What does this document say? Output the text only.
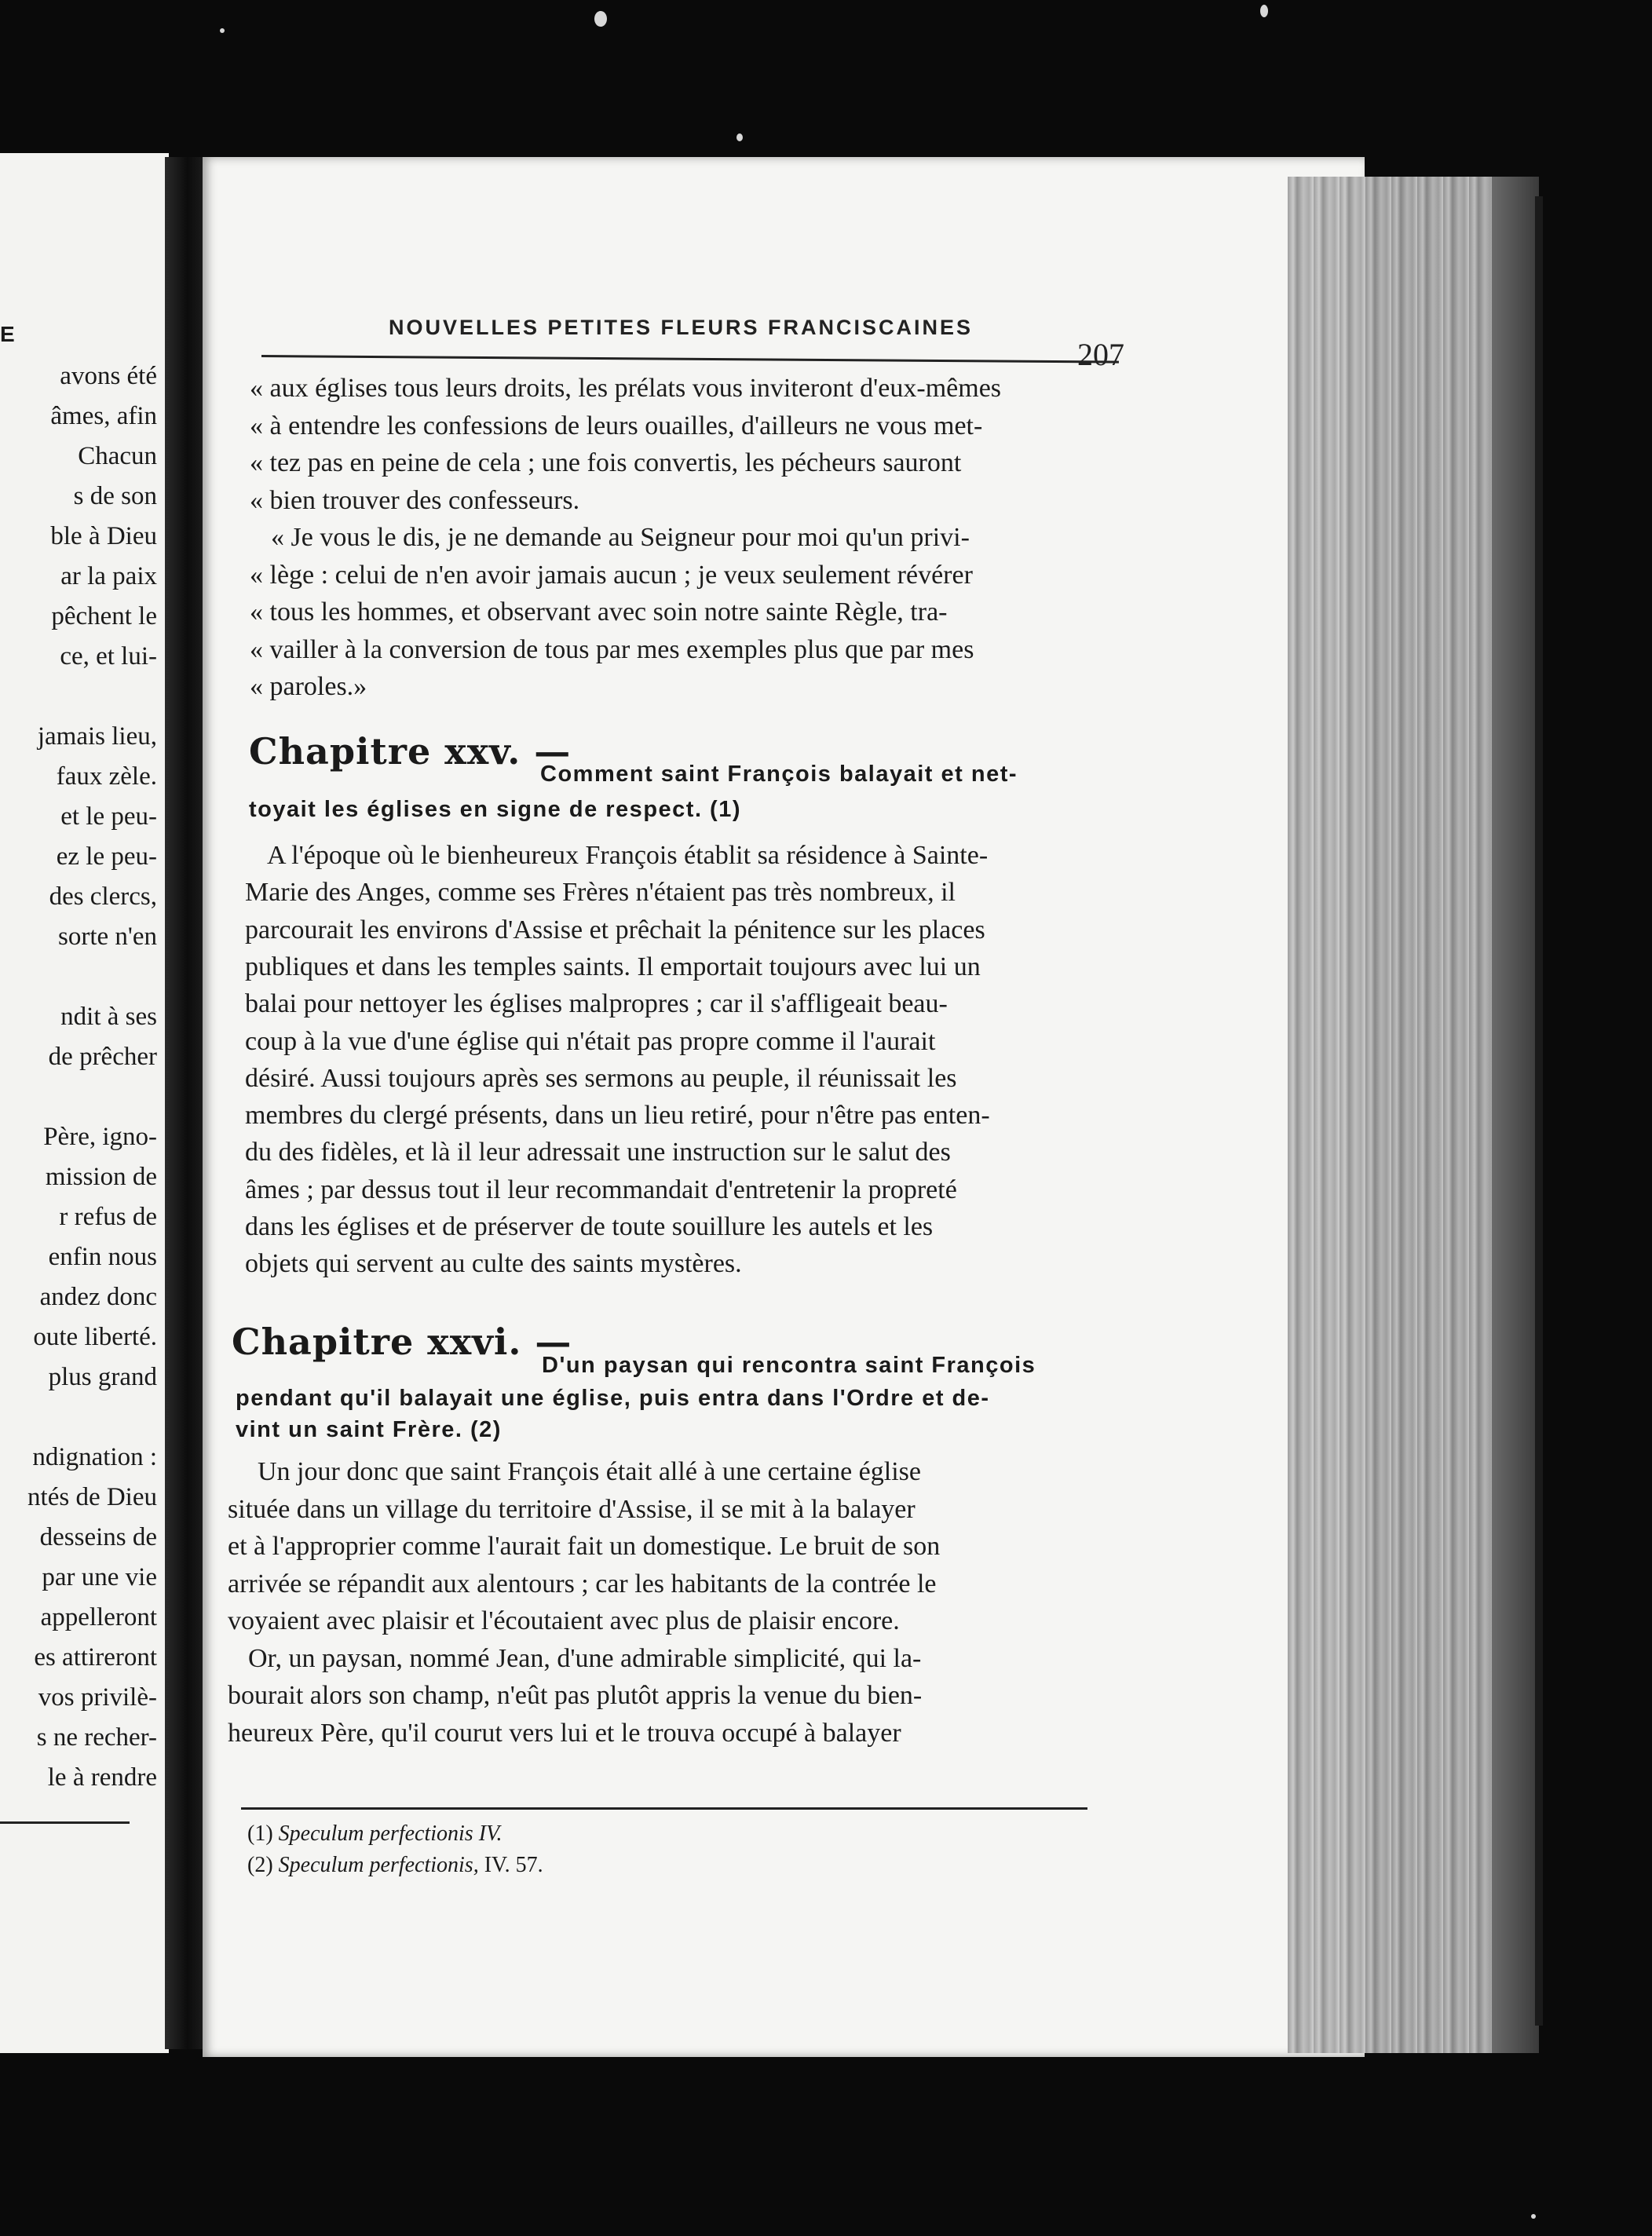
E
avons été
âmes, afin
Chacun
s de son
ble à Dieu
ar la paix
pêchent le
ce, et lui-
jamais lieu,
faux zèle.
et le peu-
ez le peu-
des clercs,
sorte n'en
ndit à ses
de prêcher
Père, igno-
mission de
r refus de
enfin nous
andez donc
oute liberté.
plus grand
ndignation :
ntés de Dieu
desseins de
par une vie
appelleront
es attireront
vos privilè-
s ne recher-
le à rendre
NOUVELLES PETITES FLEURS FRANCISCAINES
207
« aux églises tous leurs droits, les prélats vous inviteront d'eux-mêmes
« à entendre les confessions de leurs ouailles, d'ailleurs ne vous met-
« tez pas en peine de cela ; une fois convertis, les pécheurs sauront
« bien trouver des confesseurs.
« Je vous le dis, je ne demande au Seigneur pour moi qu'un privi-
« lège : celui de n'en avoir jamais aucun ; je veux seulement révérer
« tous les hommes, et observant avec soin notre sainte Règle, tra-
« vailler à la conversion de tous par mes exemples plus que par mes
« paroles.»
Chapitre xxv. —
Comment saint François balayait et net-
toyait les églises en signe de respect. (1)
A l'époque où le bienheureux François établit sa résidence à Sainte-
Marie des Anges, comme ses Frères n'étaient pas très nombreux, il
parcourait les environs d'Assise et prêchait la pénitence sur les places
publiques et dans les temples saints. Il emportait toujours avec lui un
balai pour nettoyer les églises malpropres ; car il s'affligeait beau-
coup à la vue d'une église qui n'était pas propre comme il l'aurait
désiré. Aussi toujours après ses sermons au peuple, il réunissait les
membres du clergé présents, dans un lieu retiré, pour n'être pas enten-
du des fidèles, et là il leur adressait une instruction sur le salut des
âmes ; par dessus tout il leur recommandait d'entretenir la propreté
dans les églises et de préserver de toute souillure les autels et les
objets qui servent au culte des saints mystères.
Chapitre xxvi. —
D'un paysan qui rencontra saint François
pendant qu'il balayait une église, puis entra dans l'Ordre et de-
vint un saint Frère. (2)
Un jour donc que saint François était allé à une certaine église
située dans un village du territoire d'Assise, il se mit à la balayer
et à l'approprier comme l'aurait fait un domestique. Le bruit de son
arrivée se répandit aux alentours ; car les habitants de la contrée le
voyaient avec plaisir et l'écoutaient avec plus de plaisir encore.
Or, un paysan, nommé Jean, d'une admirable simplicité, qui la-
bourait alors son champ, n'eût pas plutôt appris la venue du bien-
heureux Père, qu'il courut vers lui et le trouva occupé à balayer
(1) Speculum perfectionis IV.
(2) Speculum perfectionis, IV. 57.
